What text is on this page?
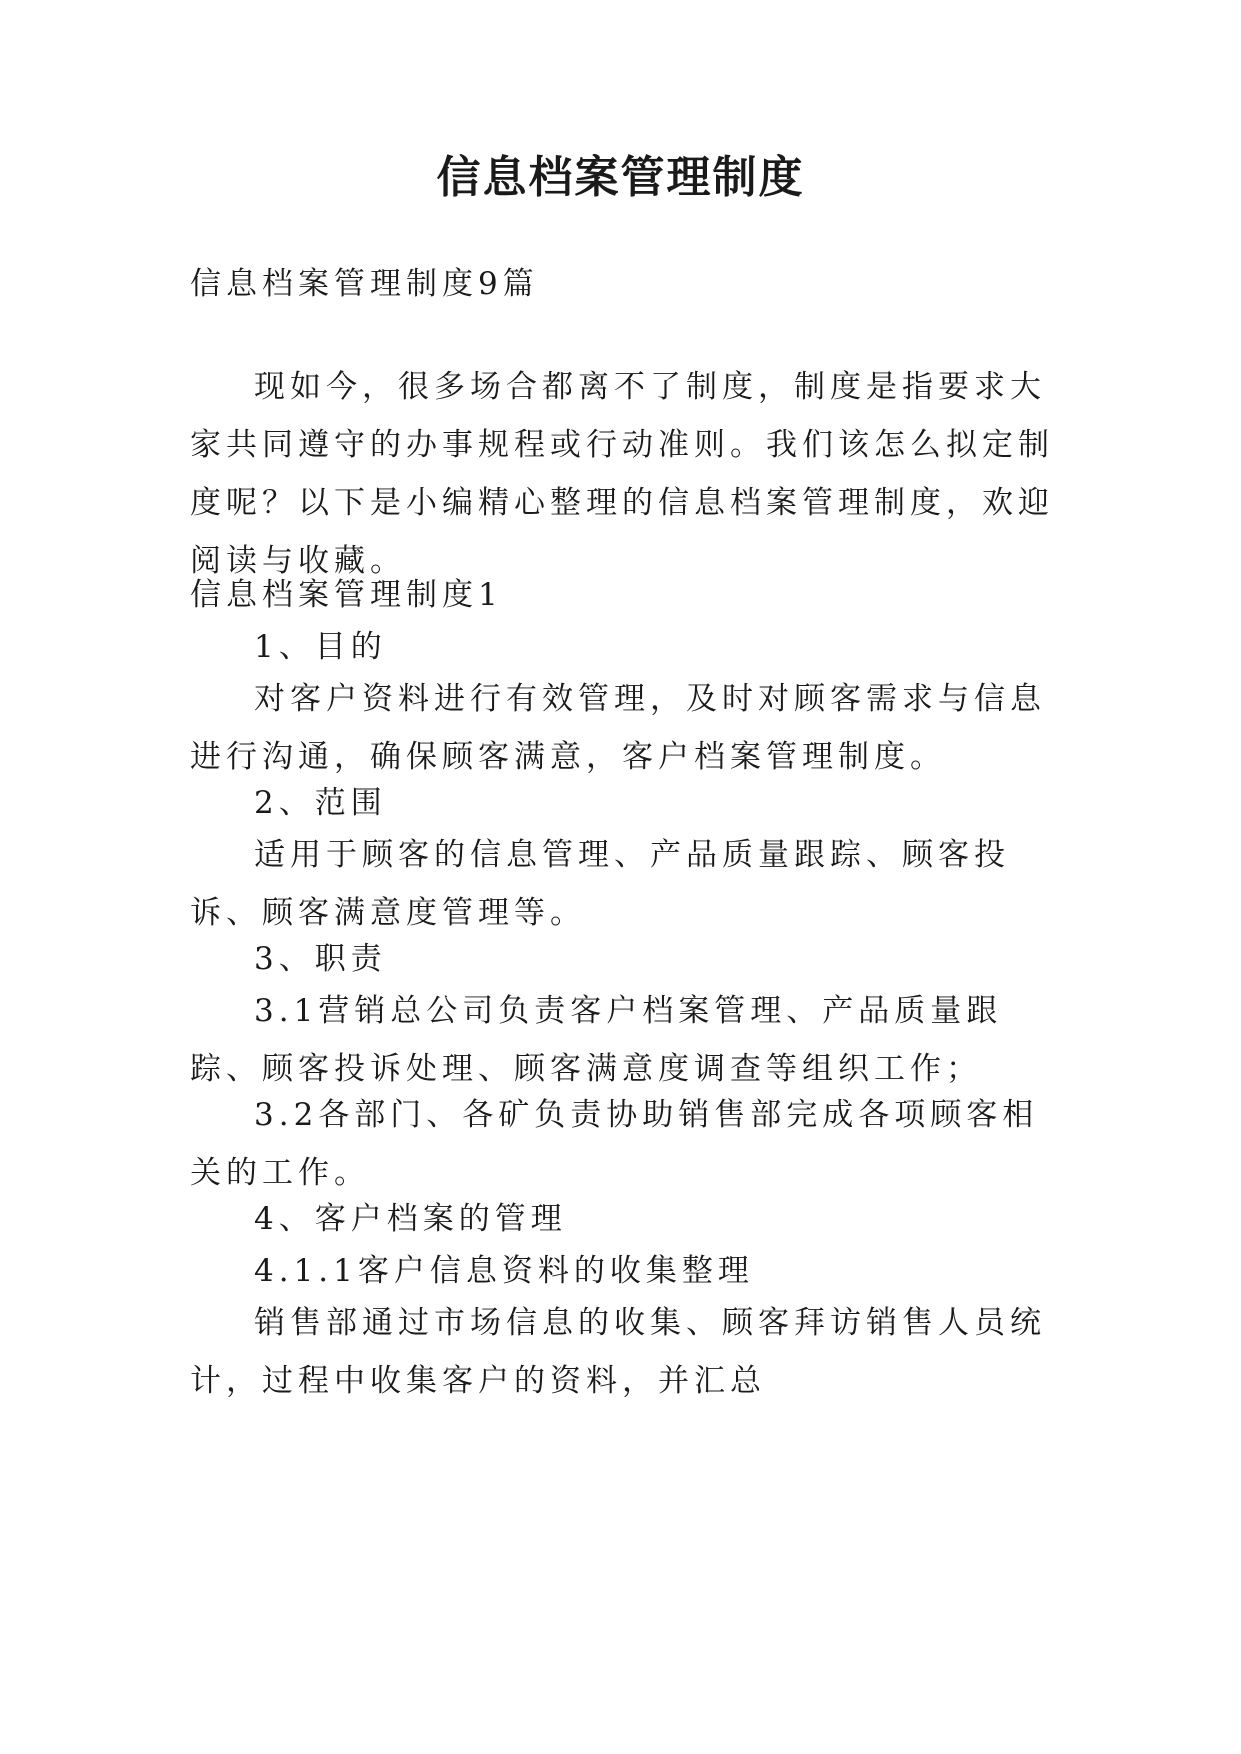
信息档案管理制度

信息档案管理制度9篇

现如今，很多场合都离不了制度，制度是指要求大家共同遵守的办事规程或行动准则。我们该怎么拟定制度呢？以下是小编精心整理的信息档案管理制度，欢迎阅读与收藏。

信息档案管理制度1

1、目的

对客户资料进行有效管理，及时对顾客需求与信息进行沟通，确保顾客满意，客户档案管理制度。

2、范围

适用于顾客的信息管理、产品质量跟踪、顾客投诉、顾客满意度管理等。

3、职责

3.1营销总公司负责客户档案管理、产品质量跟踪、顾客投诉处理、顾客满意度调查等组织工作；

3.2各部门、各矿负责协助销售部完成各项顾客相关的工作。

4、客户档案的管理

4.1.1客户信息资料的收集整理

销售部通过市场信息的收集、顾客拜访销售人员统计，过程中收集客户的资料，并汇总
